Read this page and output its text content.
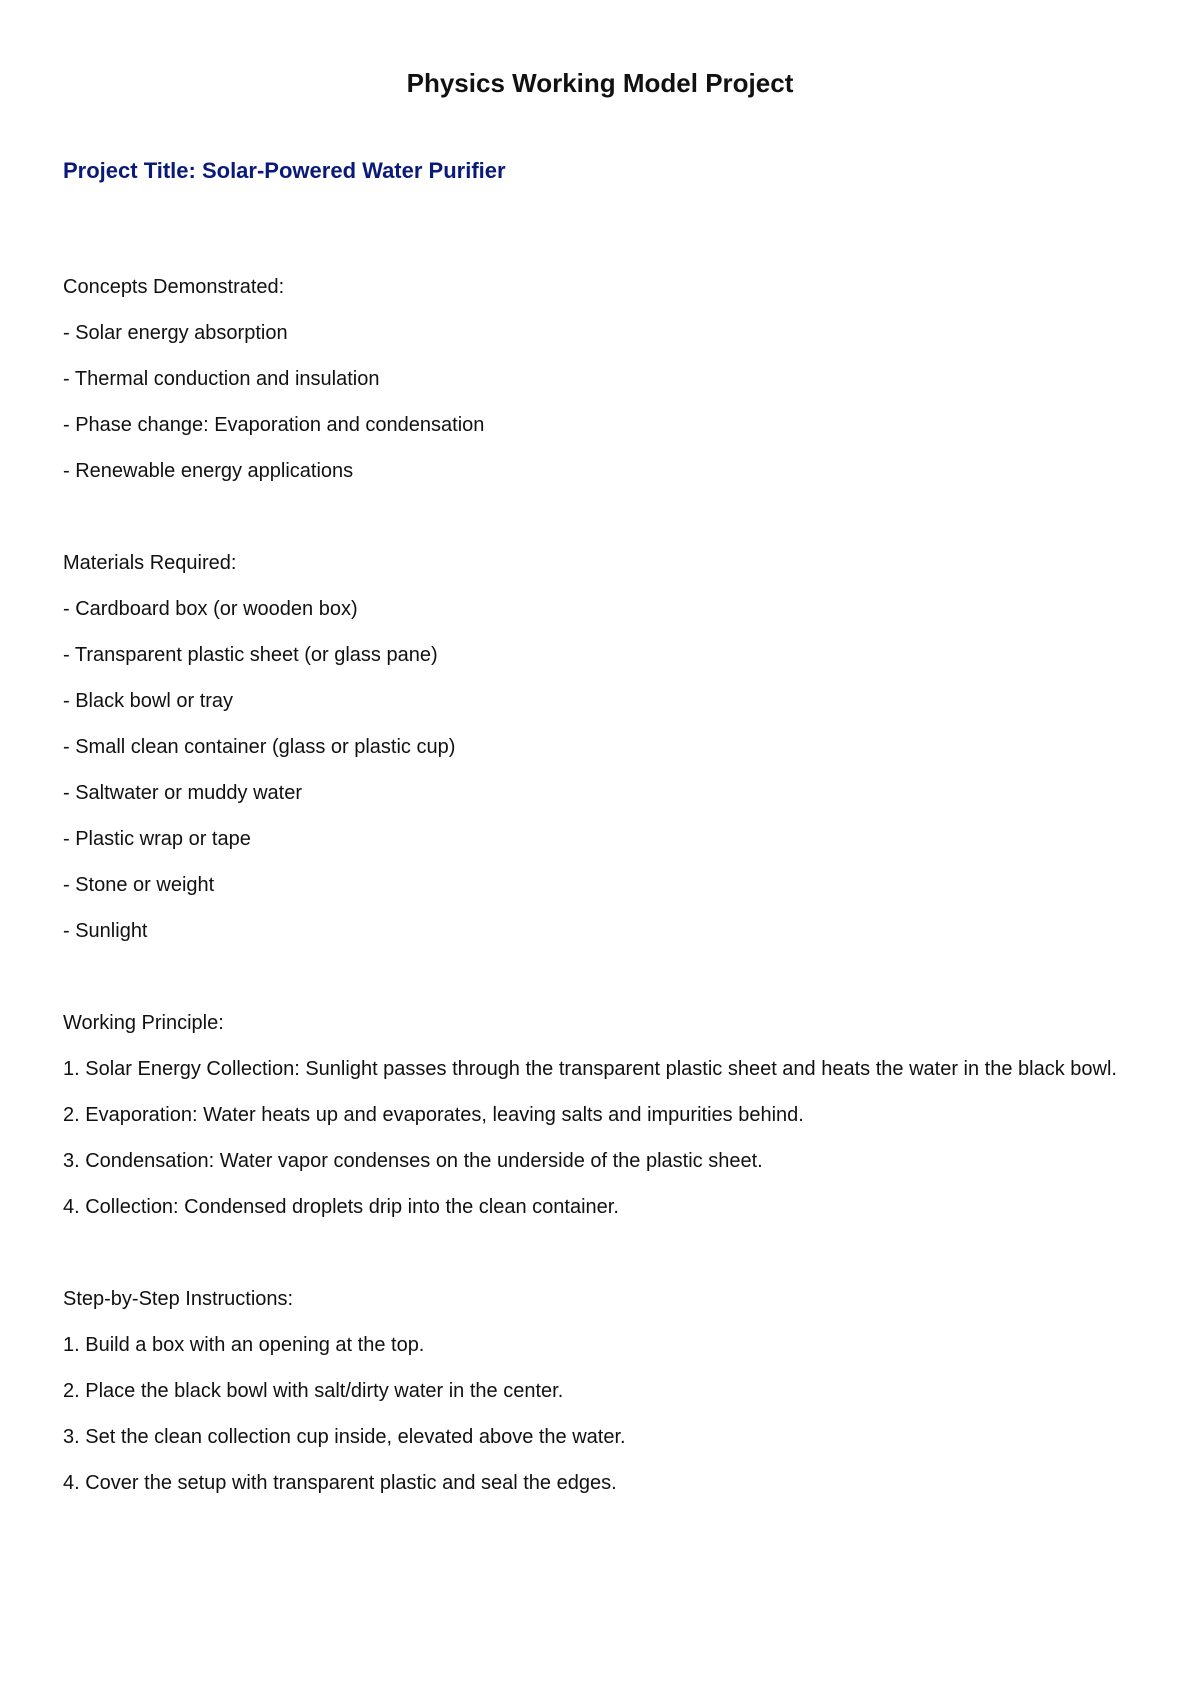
Physics Working Model Project
Project Title: Solar-Powered Water Purifier

Concepts Demonstrated:

- Solar energy absorption

- Thermal conduction and insulation

- Phase change: Evaporation and condensation

- Renewable energy applications

Materials Required:

- Cardboard box (or wooden box)

- Transparent plastic sheet (or glass pane)

- Black bowl or tray

- Small clean container (glass or plastic cup)

- Saltwater or muddy water

- Plastic wrap or tape

- Stone or weight

- Sunlight

Working Principle:

1. Solar Energy Collection: Sunlight passes through the transparent plastic sheet and heats the water in the black bowl.

2. Evaporation: Water heats up and evaporates, leaving salts and impurities behind.

3. Condensation: Water vapor condenses on the underside of the plastic sheet.

4. Collection: Condensed droplets drip into the clean container.

Step-by-Step Instructions:

1. Build a box with an opening at the top.

2. Place the black bowl with salt/dirty water in the center.

3. Set the clean collection cup inside, elevated above the water.

4. Cover the setup with transparent plastic and seal the edges.
